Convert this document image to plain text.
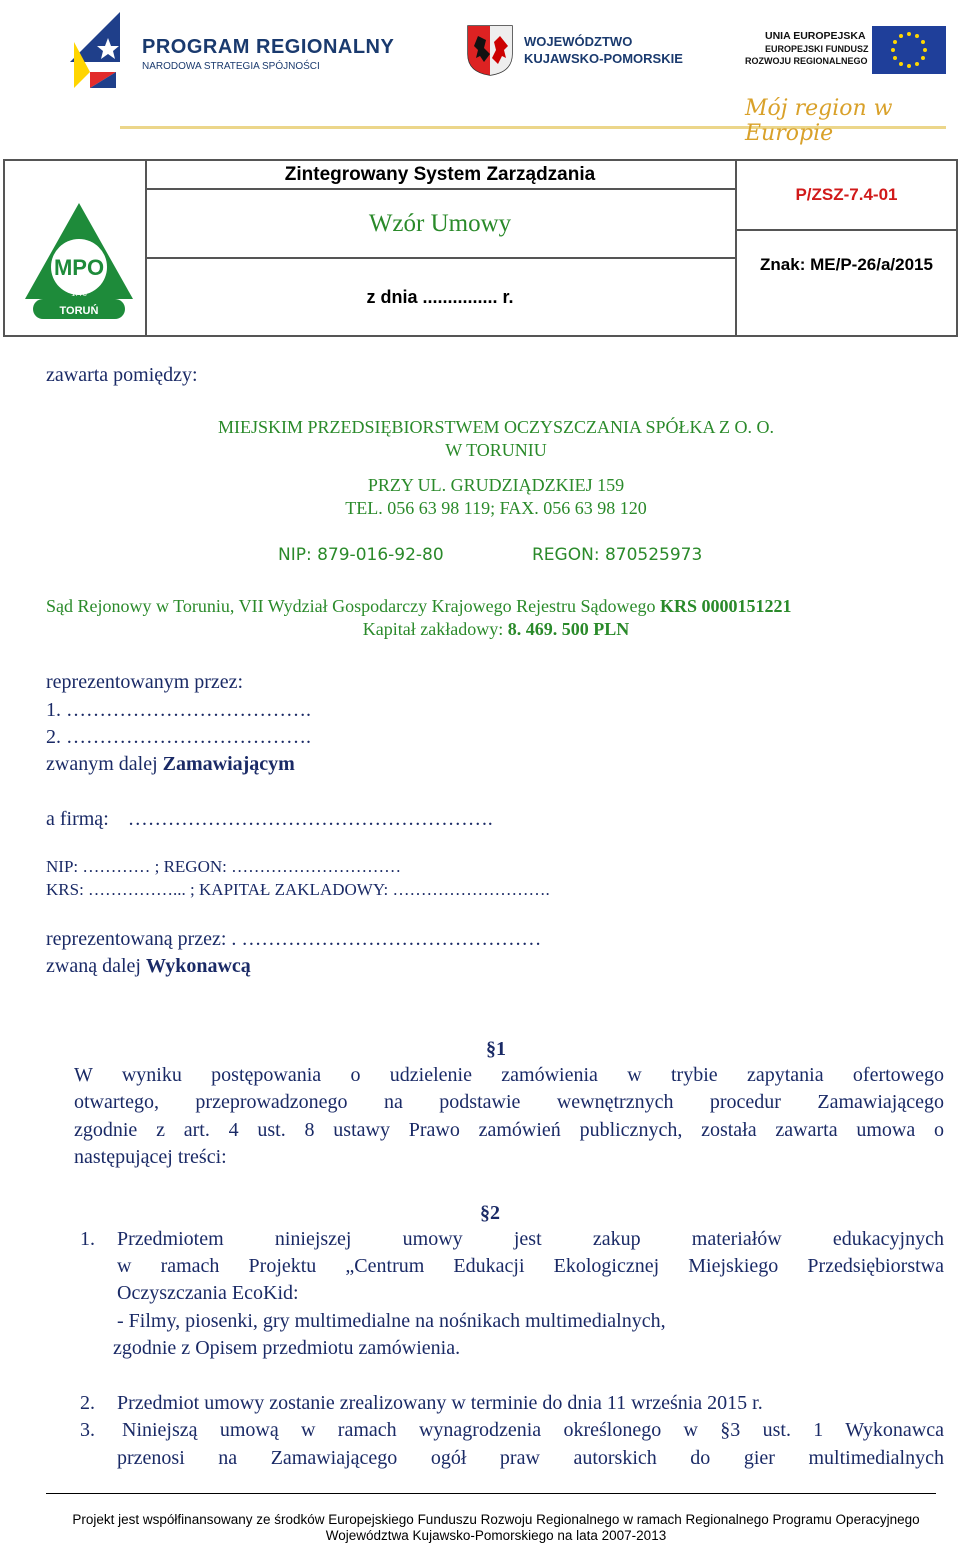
PROGRAM REGIONALNY
NARODOWA STRATEGIA SPÓJNOŚCI
WOJEWÓDZTWO
KUJAWSKO-POMORSKIE
UNIA EUROPEJSKA
EUROPEJSKI FUNDUSZ
ROZWOJU REGIONALNEGO
Mój region w Europie
MPO
1778
TORUŃ
Zintegrowany System Zarządzania
Wzór Umowy
z dnia ............... r.
P/ZSZ-7.4-01
Znak: ME/P-26/a/2015
zawarta pomiędzy:
MIEJSKIM PRZEDSIĘBIORSTWEM OCZYSZCZANIA SPÓŁKA Z O. O.
W TORUNIU
PRZY UL. GRUDZIĄDZKIEJ 159
TEL. 056 63 98 119; FAX. 056 63 98 120
NIP: 879-016-92-80	REGON: 870525973
Sąd Rejonowy w Toruniu, VII Wydział Gospodarczy Krajowego Rejestru Sądowego KRS 0000151221
Kapitał zakładowy: 8. 469. 500 PLN
reprezentowanym przez:
1. ……………………………….
2. ……………………………….
zwanym dalej Zamawiającym
a firmą: ……………………………………………….
NIP: ………… ; REGON: …………………………
KRS: ……………... ; KAPITAŁ ZAKLADOWY: ……………………….
reprezentowaną przez: . ………………………………………
zwaną dalej Wykonawcą
§1
W wyniku postępowania o udzielenie zamówienia w trybie zapytania ofertowego
otwartego, przeprowadzonego na podstawie wewnętrznych procedur Zamawiającego
zgodnie z art. 4 ust. 8 ustawy Prawo zamówień publicznych, została zawarta umowa o
następującej treści:
§2
1. Przedmiotem niniejszej umowy jest zakup materiałów edukacyjnych
w ramach Projektu „Centrum Edukacji Ekologicznej Miejskiego Przedsiębiorstwa
Oczyszczania EcoKid:
- Filmy, piosenki, gry multimedialne na nośnikach multimedialnych,
zgodnie z Opisem przedmiotu zamówienia.
2. Przedmiot umowy zostanie zrealizowany w terminie do dnia 11 września 2015 r.
3. Niniejszą umową w ramach wynagrodzenia określonego w §3 ust. 1 Wykonawca
przenosi na Zamawiającego ogół praw autorskich do gier multimedialnych
Projekt jest współfinansowany ze środków Europejskiego Funduszu Rozwoju Regionalnego w ramach Regionalnego Programu Operacyjnego
Województwa Kujawsko-Pomorskiego na lata 2007-2013
